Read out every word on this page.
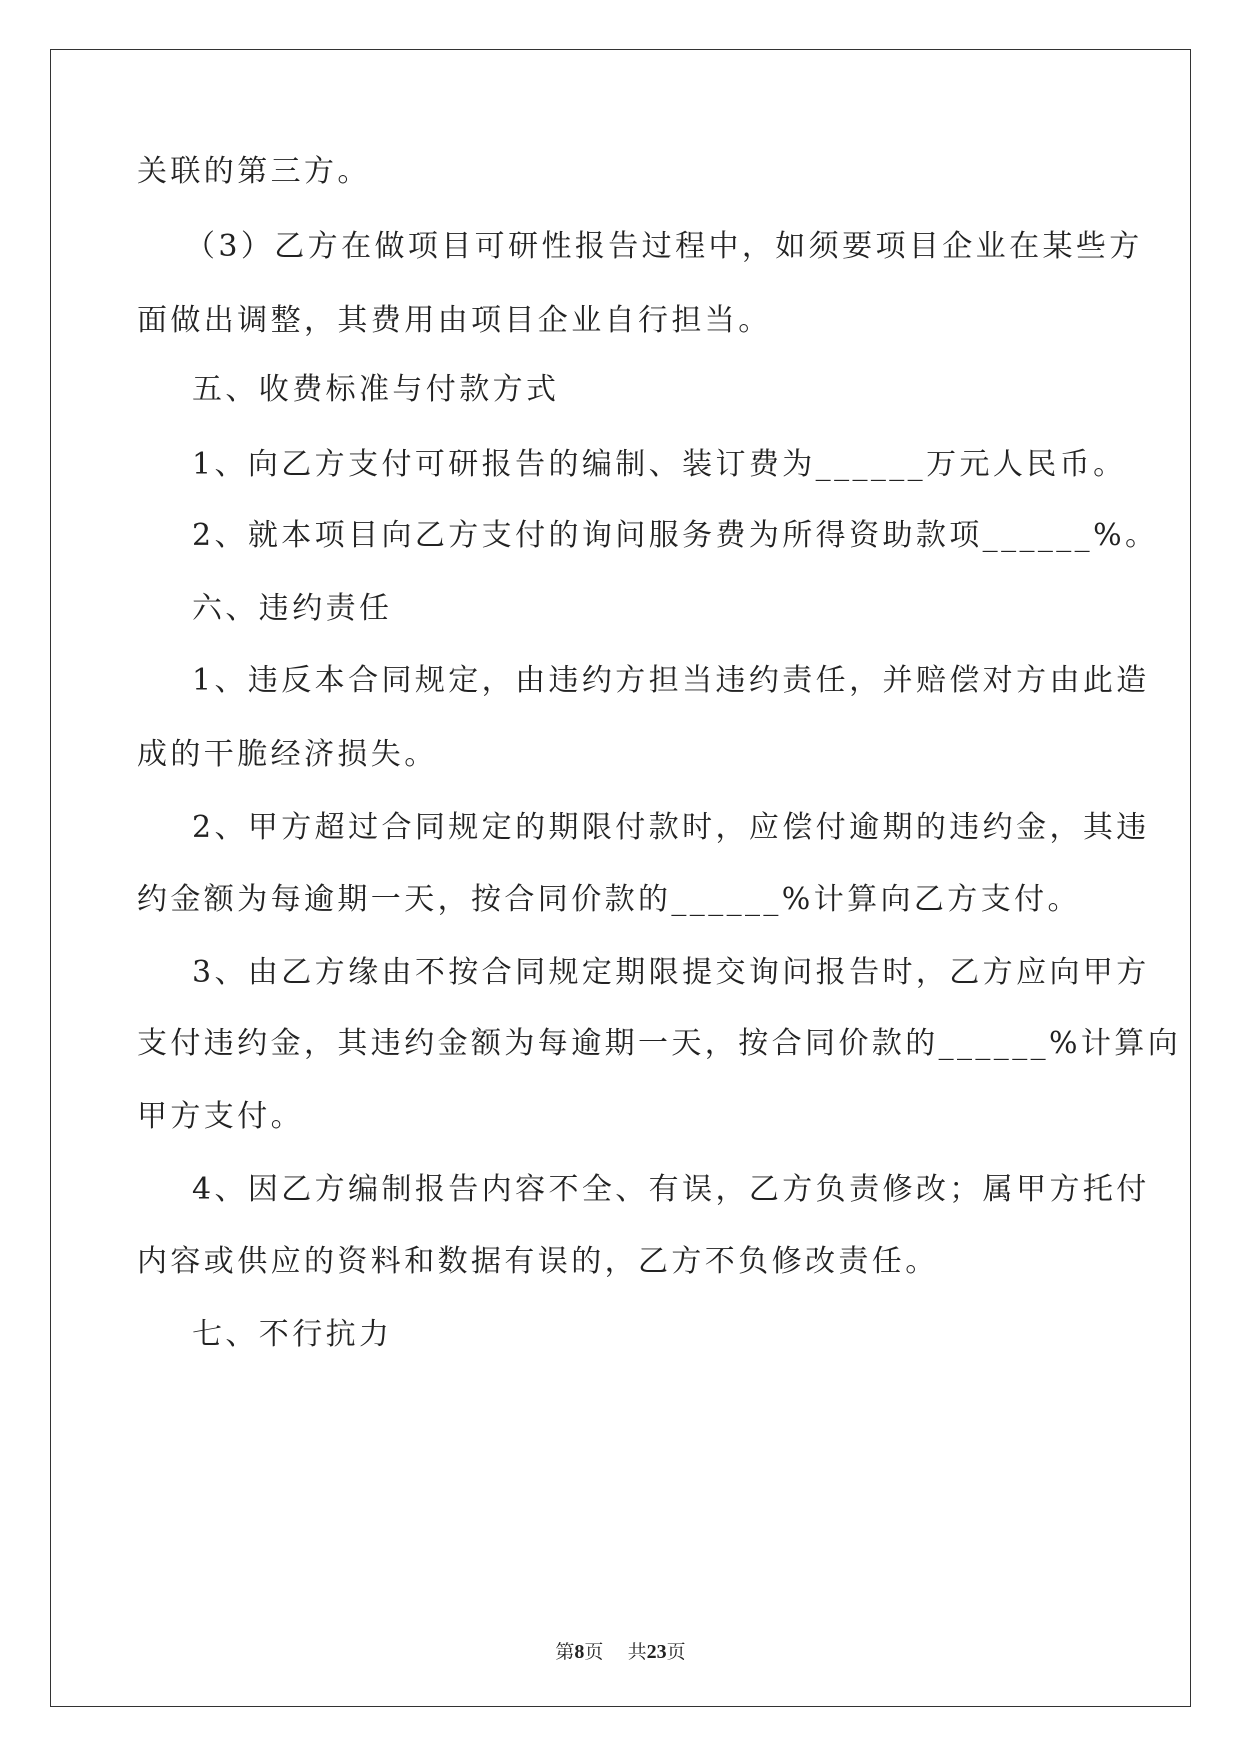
关联的第三方。
（3）乙方在做项目可研性报告过程中，如须要项目企业在某些方
面做出调整，其费用由项目企业自行担当。
五、收费标准与付款方式
1、向乙方支付可研报告的编制、装订费为______万元人民币。
2、就本项目向乙方支付的询问服务费为所得资助款项______%。
六、违约责任
1、违反本合同规定，由违约方担当违约责任，并赔偿对方由此造
成的干脆经济损失。
2、甲方超过合同规定的期限付款时，应偿付逾期的违约金，其违
约金额为每逾期一天，按合同价款的______%计算向乙方支付。
3、由乙方缘由不按合同规定期限提交询问报告时，乙方应向甲方
支付违约金，其违约金额为每逾期一天，按合同价款的______%计算向
甲方支付。
4、因乙方编制报告内容不全、有误，乙方负责修改；属甲方托付
内容或供应的资料和数据有误的，乙方不负修改责任。
七、不行抗力
第8页 共23页
